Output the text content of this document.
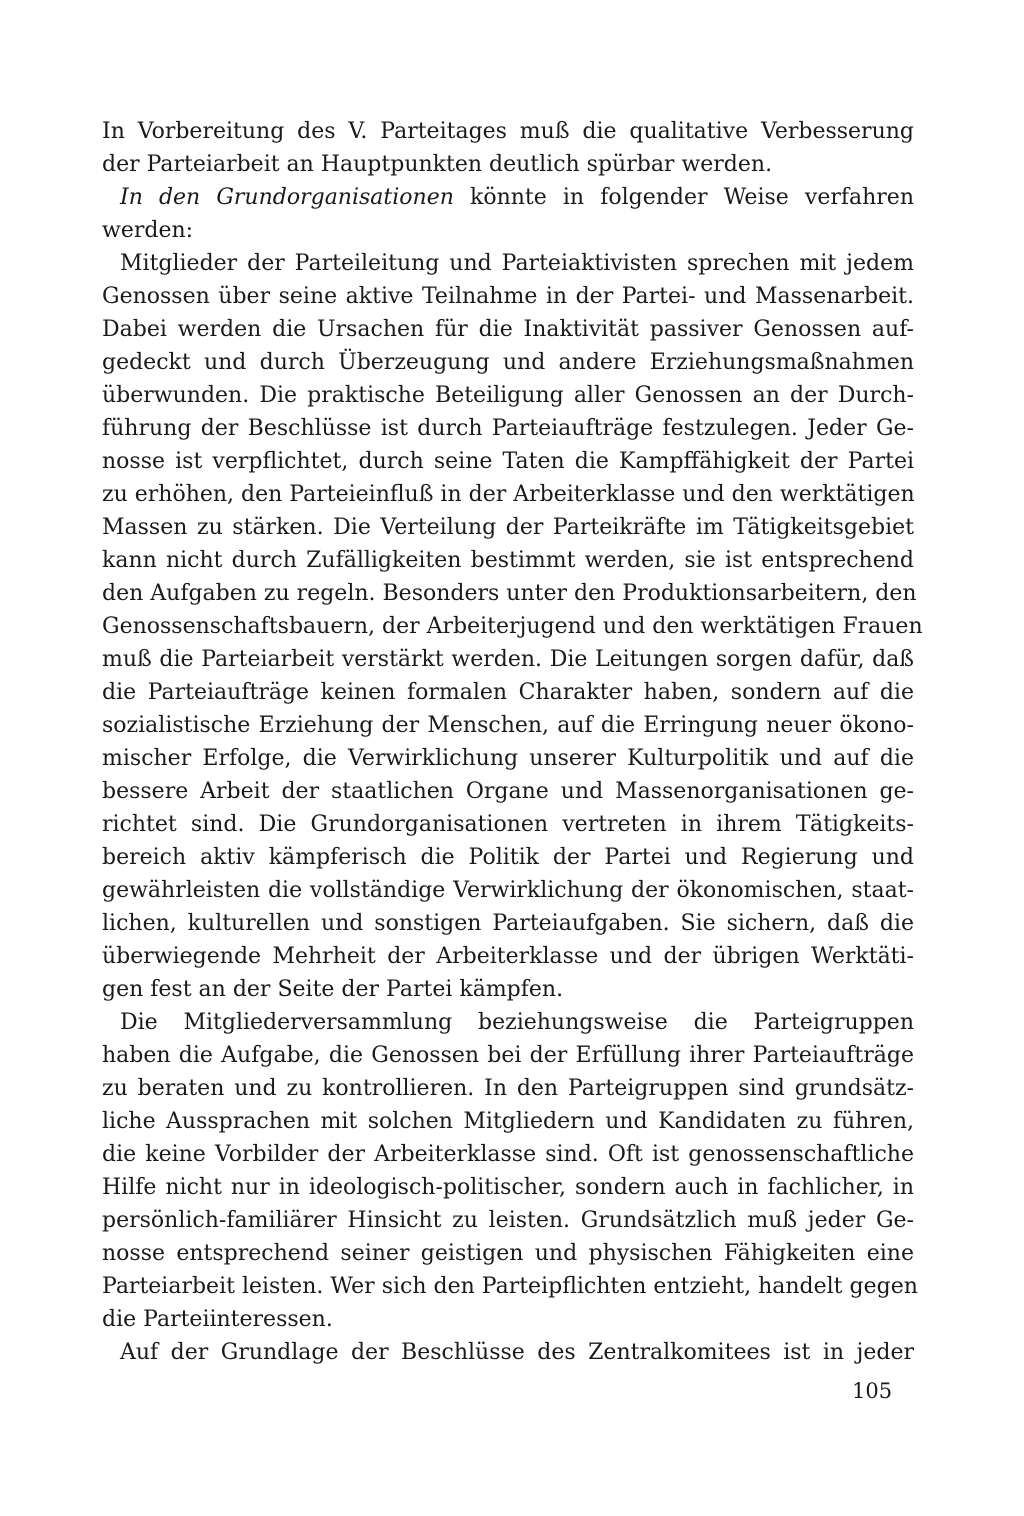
In Vorbereitung des V. Parteitages muß die qualitative Verbesserung
der Parteiarbeit an Hauptpunkten deutlich spürbar werden.
In den Grundorganisationen könnte in folgender Weise verfahren
werden:
Mitglieder der Parteileitung und Parteiaktivisten sprechen mit jedem
Genossen über seine aktive Teilnahme in der Partei- und Massenarbeit.
Dabei werden die Ursachen für die Inaktivität passiver Genossen auf-
gedeckt und durch Überzeugung und andere Erziehungsmaßnahmen
überwunden. Die praktische Beteiligung aller Genossen an der Durch-
führung der Beschlüsse ist durch Parteiaufträge festzulegen. Jeder Ge-
nosse ist verpflichtet, durch seine Taten die Kampffähigkeit der Partei
zu erhöhen, den Parteieinfluß in der Arbeiterklasse und den werktätigen
Massen zu stärken. Die Verteilung der Parteikräfte im Tätigkeitsgebiet
kann nicht durch Zufälligkeiten bestimmt werden, sie ist entsprechend
den Aufgaben zu regeln. Besonders unter den Produktionsarbeitern, den
Genossenschaftsbauern, der Arbeiterjugend und den werktätigen Frauen
muß die Parteiarbeit verstärkt werden. Die Leitungen sorgen dafür, daß
die Parteiaufträge keinen formalen Charakter haben, sondern auf die
sozialistische Erziehung der Menschen, auf die Erringung neuer ökono-
mischer Erfolge, die Verwirklichung unserer Kulturpolitik und auf die
bessere Arbeit der staatlichen Organe und Massenorganisationen ge-
richtet sind. Die Grundorganisationen vertreten in ihrem Tätigkeits-
bereich aktiv kämpferisch die Politik der Partei und Regierung und
gewährleisten die vollständige Verwirklichung der ökonomischen, staat-
lichen, kulturellen und sonstigen Parteiaufgaben. Sie sichern, daß die
überwiegende Mehrheit der Arbeiterklasse und der übrigen Werktäti-
gen fest an der Seite der Partei kämpfen.
Die Mitgliederversammlung beziehungsweise die Parteigruppen
haben die Aufgabe, die Genossen bei der Erfüllung ihrer Parteiaufträge
zu beraten und zu kontrollieren. In den Parteigruppen sind grundsätz-
liche Aussprachen mit solchen Mitgliedern und Kandidaten zu führen,
die keine Vorbilder der Arbeiterklasse sind. Oft ist genossenschaftliche
Hilfe nicht nur in ideologisch-politischer, sondern auch in fachlicher, in
persönlich-familiärer Hinsicht zu leisten. Grundsätzlich muß jeder Ge-
nosse entsprechend seiner geistigen und physischen Fähigkeiten eine
Parteiarbeit leisten. Wer sich den Parteipflichten entzieht, handelt gegen
die Parteiinteressen.
Auf der Grundlage der Beschlüsse des Zentralkomitees ist in jeder
105
